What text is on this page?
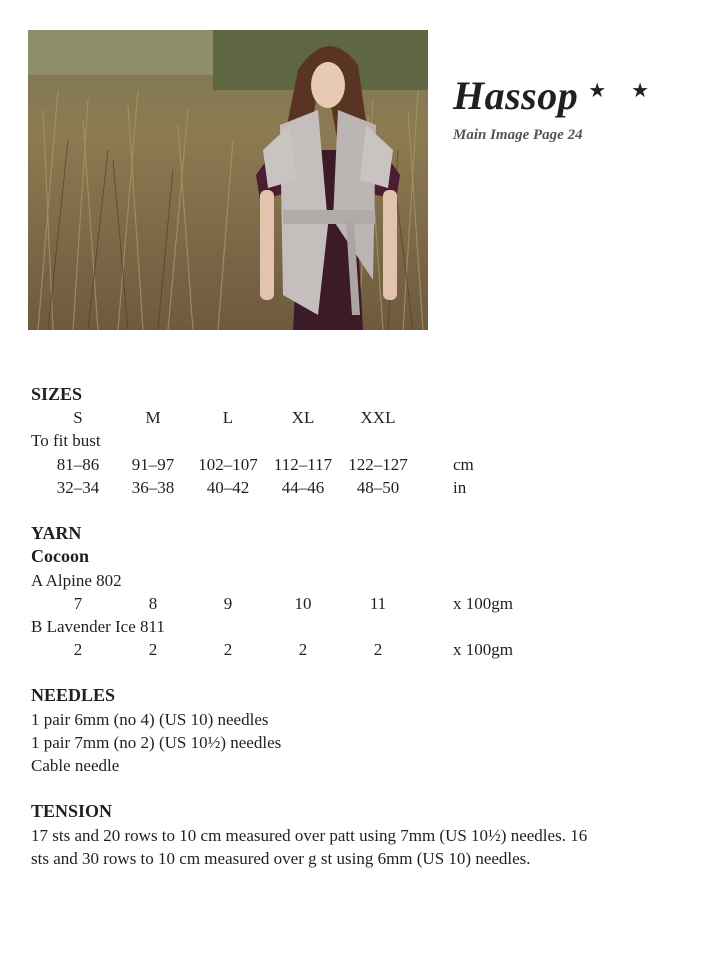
Hassop ★ ★
Main Image Page 24
SIZES
S	M	L	XL	XXL
To fit bust
81–86 91–97 102–107 112–117 122–127	cm
32–34 36–38 40–42 44–46 48–50	in
YARN
Cocoon
A Alpine 802
7	8	9	10	11	x 100gm
B Lavender Ice 811
2	2	2	2	2	x 100gm
NEEDLES
1 pair 6mm (no 4) (US 10) needles
1 pair 7mm (no 2) (US 10½) needles
Cable needle
TENSION
17 sts and 20 rows to 10 cm measured over patt using 7mm (US 10½) needles. 16 sts and 30 rows to 10 cm measured over g st using 6mm (US 10) needles.
